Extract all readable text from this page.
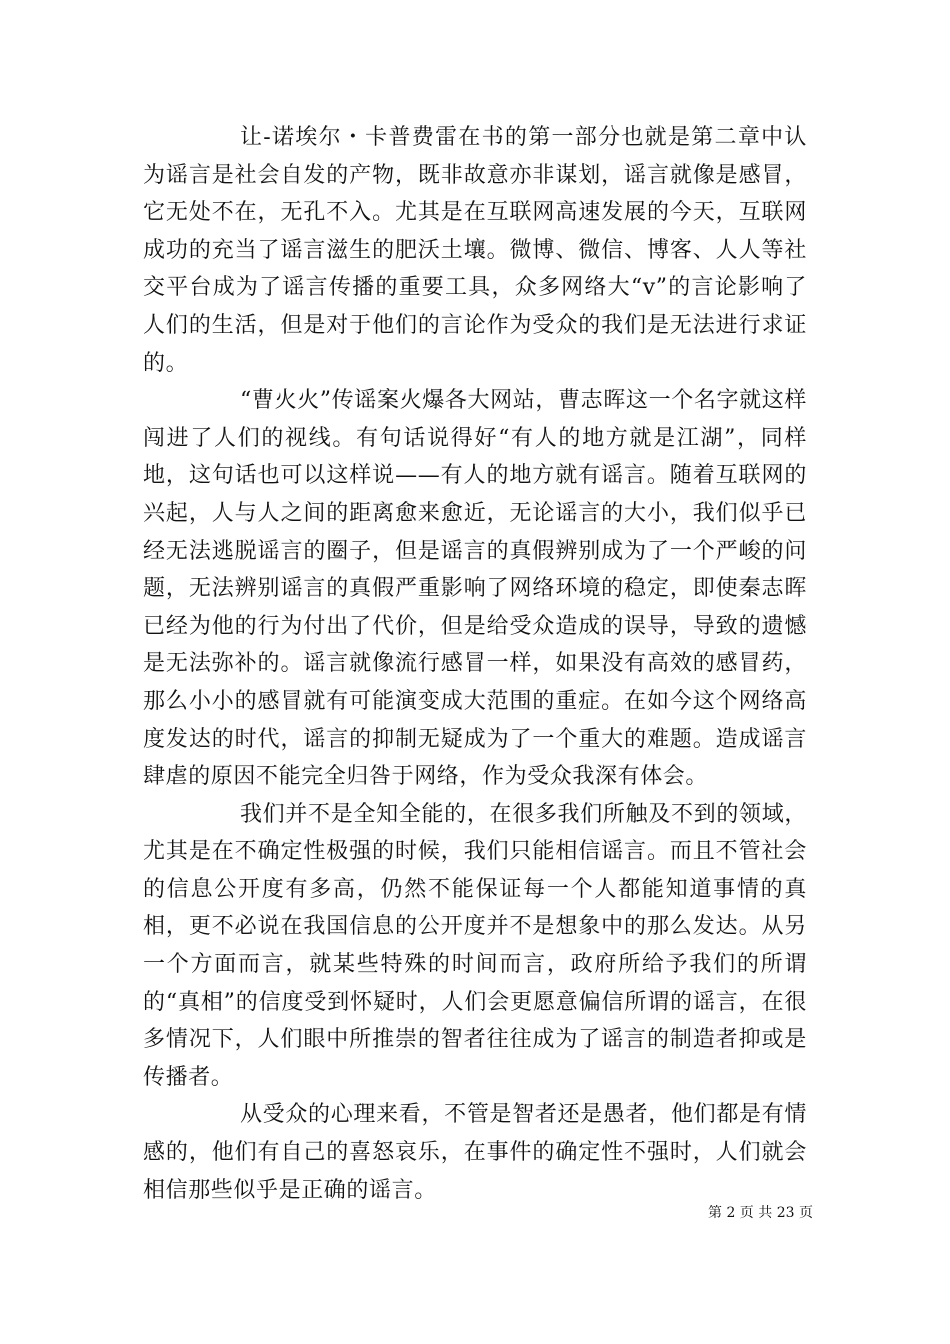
让-诺埃尔・卡普费雷在书的第一部分也就是第二章中认为谣言是社会自发的产物，既非故意亦非谋划，谣言就像是感冒，它无处不在，无孔不入。尤其是在互联网高速发展的今天，互联网成功的充当了谣言滋生的肥沃土壤。微博、微信、博客、人人等社交平台成为了谣言传播的重要工具，众多网络大“v”的言论影响了人们的生活，但是对于他们的言论作为受众的我们是无法进行求证的。

“曹火火”传谣案火爆各大网站，曹志晖这一个名字就这样闯进了人们的视线。有句话说得好“有人的地方就是江湖”，同样地，这句话也可以这样说——有人的地方就有谣言。随着互联网的兴起，人与人之间的距离愈来愈近，无论谣言的大小，我们似乎已经无法逃脱谣言的圈子，但是谣言的真假辨别成为了一个严峻的问题，无法辨别谣言的真假严重影响了网络环境的稳定，即使秦志晖已经为他的行为付出了代价，但是给受众造成的误导，导致的遗憾是无法弥补的。谣言就像流行感冒一样，如果没有高效的感冒药，那么小小的感冒就有可能演变成大范围的重症。在如今这个网络高度发达的时代，谣言的抑制无疑成为了一个重大的难题。造成谣言肆虐的原因不能完全归咎于网络，作为受众我深有体会。

我们并不是全知全能的，在很多我们所触及不到的领域，尤其是在不确定性极强的时候，我们只能相信谣言。而且不管社会的信息公开度有多高，仍然不能保证每一个人都能知道事情的真相，更不必说在我国信息的公开度并不是想象中的那么发达。从另一个方面而言，就某些特殊的时间而言，政府所给予我们的所谓的“真相”的信度受到怀疑时，人们会更愿意偏信所谓的谣言，在很多情况下，人们眼中所推崇的智者往往成为了谣言的制造者抑或是传播者。

从受众的心理来看，不管是智者还是愚者，他们都是有情感的，他们有自己的喜怒哀乐，在事件的确定性不强时，人们就会相信那些似乎是正确的谣言。

第 2 页 共 23 页
